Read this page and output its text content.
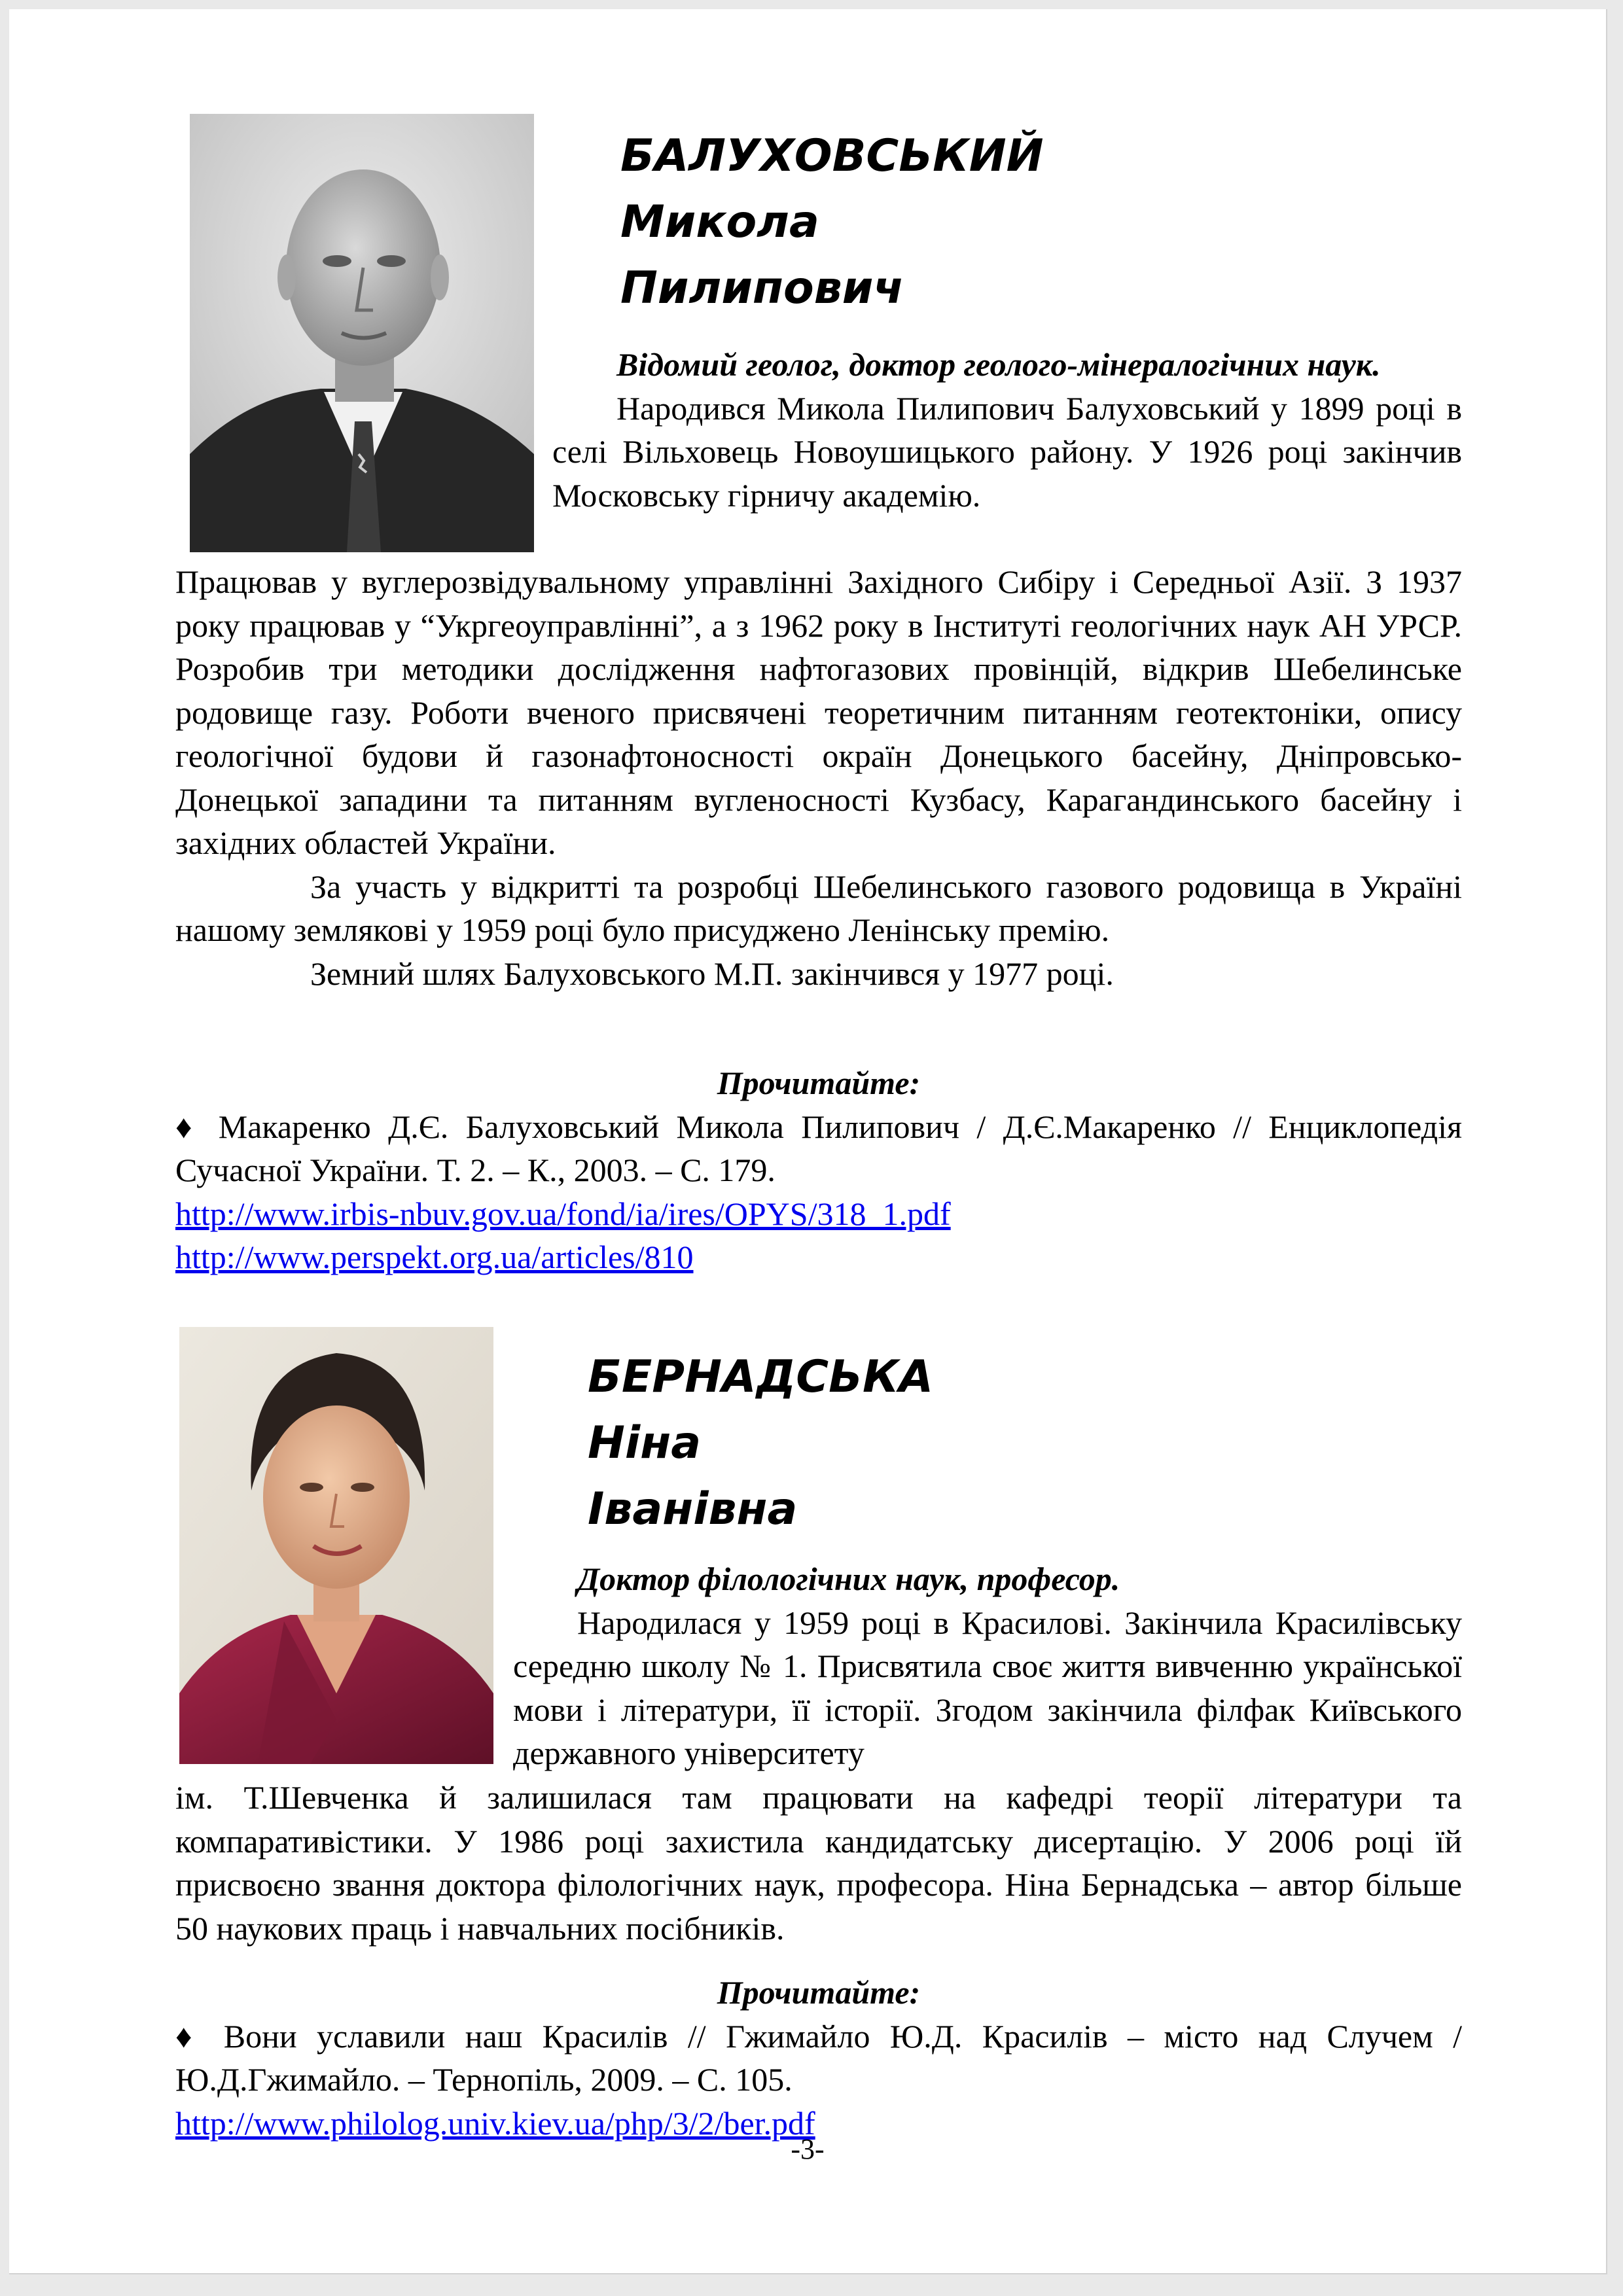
БАЛУХОВСЬКИЙ
Микола
Пилипович

Відомий геолог, доктор геолого-мінералогічних наук.

Народився Микола Пилипович Балуховський у 1899 році в селі Вільховець Новоушицького району. У 1926 році закінчив Московську гірничу академію.

Працював у вуглерозвідувальному управлінні Західного Сибіру і Середньої Азії. З 1937 року працював у “Укргеоуправлінні”, а з 1962 року в Інституті геологічних наук АН УРСР. Розробив три методики дослідження нафтогазових провінцій, відкрив Шебелинське родовище газу. Роботи вченого присвячені теоретичним питанням геотектоніки, опису геологічної будови й газонафтоносності окраїн Донецького басейну, Дніпровсько-Донецької западини та питанням вугленосності Кузбасу, Карагандинського басейну і західних областей України.

За участь у відкритті та розробці Шебелинського газового родовища в Україні нашому землякові у 1959 році було присуджено Ленінську премію.

Земний шлях Балуховського М.П. закінчився у 1977 році.

Прочитайте:

♦ Макаренко Д.Є. Балуховський Микола Пилипович / Д.Є.Макаренко // Енциклопедія Сучасної України. Т. 2. – К., 2003. – С. 179.

http://www.irbis-nbuv.gov.ua/fond/ia/ires/OPYS/318_1.pdf

http://www.perspekt.org.ua/articles/810

БЕРНАДСЬКА
Ніна
Іванівна

Доктор філологічних наук, професор.

Народилася у 1959 році в Красилові. Закінчила Красилівську середню школу № 1. Присвятила своє життя вивченню української мови і літератури, її історії. Згодом закінчила філфак Київського державного університету

ім. Т.Шевченка й залишилася там працювати на кафедрі теорії літератури та компаративістики. У 1986 році захистила кандидатську дисертацію. У 2006 році їй присвоєно звання доктора філологічних наук, професора. Ніна Бернадська – автор більше 50 наукових праць і навчальних посібників.

Прочитайте:

♦ Вони уславили наш Красилів // Гжимайло Ю.Д. Красилів – місто над Случем / Ю.Д.Гжимайло. – Тернопіль, 2009. – С. 105.

http://www.philolog.univ.kiev.ua/php/3/2/ber.pdf

-3-
